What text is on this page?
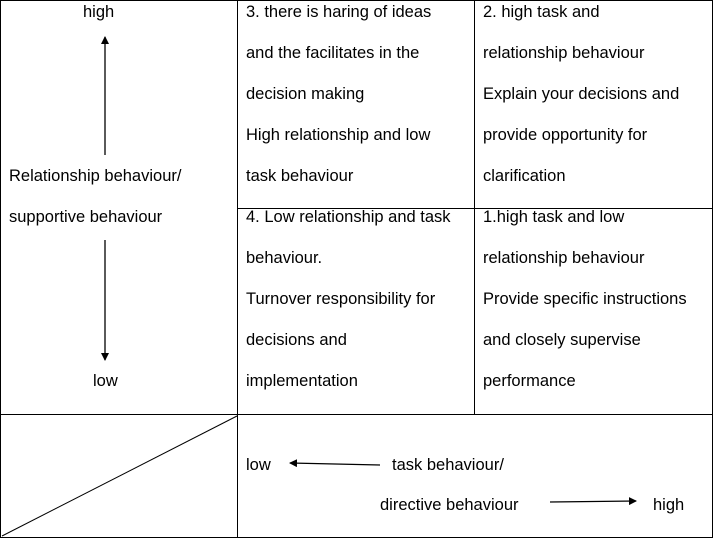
high
Relationship behaviour/
supportive behaviour
low
3. there is haring of ideas
and the facilitates in the
decision making
High relationship and low
task behaviour
2. high task and
relationship behaviour
Explain your decisions and
provide opportunity for
clarification
4. Low relationship and task
behaviour.
Turnover responsibility for
decisions and
implementation
1.high task and low
relationship behaviour
Provide specific instructions
and closely supervise
performance
low	task behaviour/
directive behaviour	high
